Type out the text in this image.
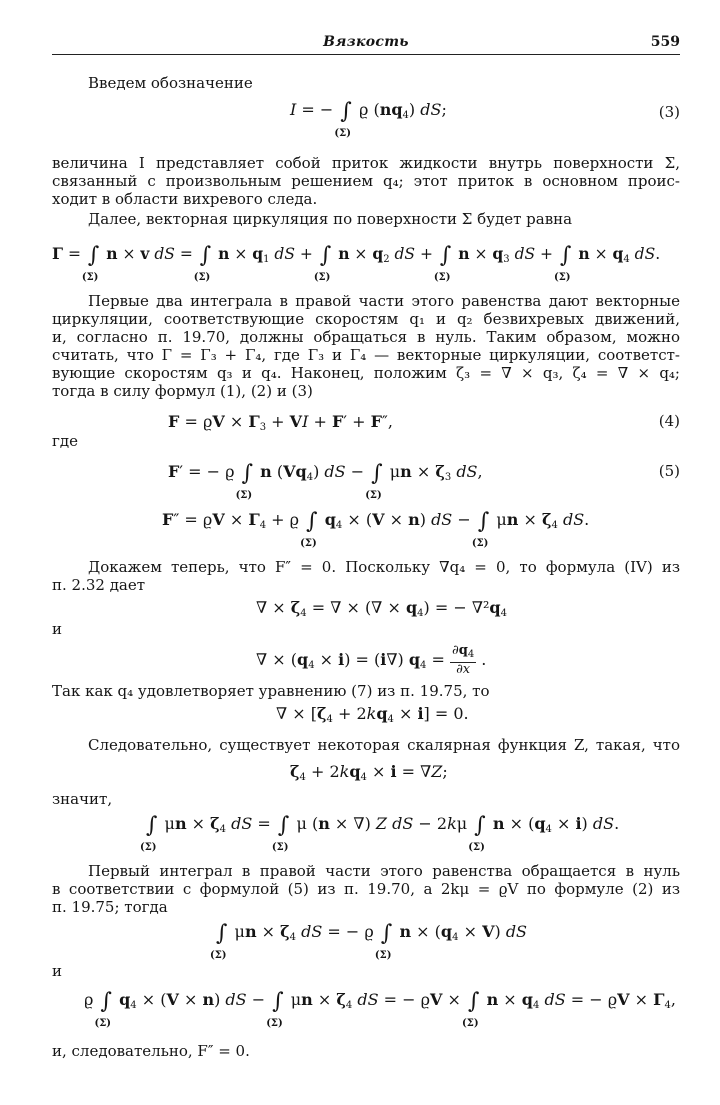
Вязкость	559
Введем обозначение
I = − ∫
(Σ)
ϱ $(nq_4)$ dS;	(3)
величина I представляет собой приток жидкости внутрь поверхности Σ,
связанный с произвольным решением q₄; этот приток в основном проис-
ходит в области вихревого следа.
Далее, векторная циркуляция по поверхности Σ будет равна
Γ = ∫
(Σ)
n × v dS = ∫
(Σ)
$n \times q_1$ dS + ∫
(Σ)
$n \times q_2$ dS + ∫
(Σ)
$n \times q_3$ dS + ∫
(Σ)
$n \times q_4$ dS.
Первые два интеграла в правой части этого равенства дают векторные
циркуляции, соответствующие скоростям q₁ и q₂ безвихревых движений,
и, согласно п. 19.70, должны обращаться в нуль. Таким образом, можно
считать, что Γ = Γ₃ + Γ₄, где Γ₃ и Γ₄ — векторные циркуляции, соответст-
вующие скоростям q₃ и q₄. Наконец, положим ζ₃ = ∇ × q₃, ζ₄ = ∇ × q₄;
тогда в силу формул (1), (2) и (3)
$F = ϱV \times \Gamma_3$ + VI + F′ + F″,	(4)
где
F′ = − ϱ ∫
(Σ)
n $(Vq_4)$ dS − ∫
(Σ)
$\mu n \times \zeta_3$ dS,	(5)
$F'' = ϱV \times \Gamma_4 + ϱ$ ∫
(Σ)
$q_4 \times (V \times n)$ dS − ∫
(Σ)
$\mu n \times \zeta_4$ dS.
Докажем теперь, что F″ = 0. Поскольку ∇q₄ = 0, то формула (IV) из
п. 2.32 дает
∇ × $\zeta_4$ = ∇ × (∇ × $q_4$) = − $\nabla^2q_4$
и
∇ × $(q_4 \times i) = (i\nabla) q_4 = \frac{\partial q_4}{\partial x}$ .
Так как q₄ удовлетворяет уравнению (7) из п. 19.75, то
∇ × $[\zeta_4 + 2kq_4 \times i] = 0$.
Следовательно, существует некоторая скалярная функция Z, такая, что
$\zeta_4 + 2kq_4 \times i = \nabla Z$;
значит,
∫
(Σ)
$\mu n \times \zeta_4$ dS = ∫
(Σ)
μ (n × ∇) Z dS − 2kμ ∫
(Σ)
$n \times (q_4 \times i)$ dS.
Первый интеграл в правой части этого равенства обращается в нуль
в соответствии с формулой (5) из п. 19.70, а 2kμ = ϱV по формуле (2) из
п. 19.75; тогда
∫
(Σ)
$\mu n \times \zeta_4$ dS = − ϱ ∫
(Σ)
$n \times (q_4 \times V)$ dS
и
ϱ ∫
(Σ)
$q_4 \times (V \times n)$ dS − ∫
(Σ)
$\mu n \times \zeta_4$ dS = − ϱV × ∫
(Σ)
$n \times q_4$ dS = − $ϱV \times \Gamma_4$,
и, следовательно, F″ = 0.
